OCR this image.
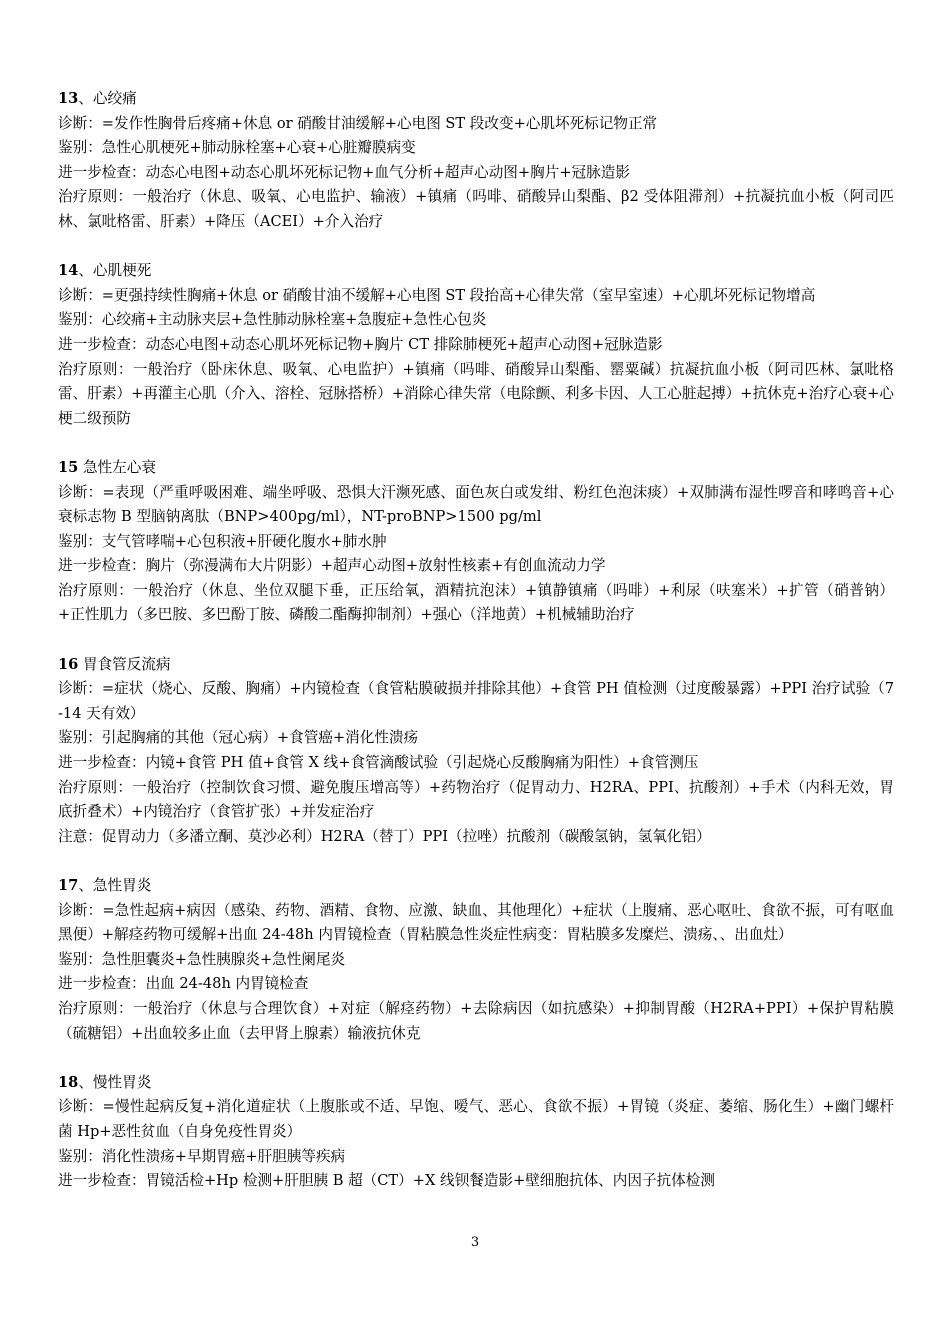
13、心绞痛
诊断：=发作性胸骨后疼痛+休息 or 硝酸甘油缓解+心电图 ST 段改变+心肌坏死标记物正常
鉴别：急性心肌梗死+肺动脉栓塞+心衰+心脏瓣膜病变
进一步检查：动态心电图+动态心肌坏死标记物+血气分析+超声心动图+胸片+冠脉造影
治疗原则：一般治疗（休息、吸氧、心电监护、输液）+镇痛（吗啡、硝酸异山梨酯、β2 受体阻滞剂）+抗凝抗血小板（阿司匹林、氯吡格雷、肝素）+降压（ACEI）+介入治疗
14、心肌梗死
诊断：=更强持续性胸痛+休息 or 硝酸甘油不缓解+心电图 ST 段抬高+心律失常（室早室速）+心肌坏死标记物增高
鉴别：心绞痛+主动脉夹层+急性肺动脉栓塞+急腹症+急性心包炎
进一步检查：动态心电图+动态心肌坏死标记物+胸片 CT 排除肺梗死+超声心动图+冠脉造影
治疗原则：一般治疗（卧床休息、吸氧、心电监护）+镇痛（吗啡、硝酸异山梨酯、罂粟碱）抗凝抗血小板（阿司匹林、氯吡格雷、肝素）+再灌主心肌（介入、溶栓、冠脉搭桥）+消除心律失常（电除颤、利多卡因、人工心脏起搏）+抗休克+治疗心衰+心梗二级预防
15 急性左心衰
诊断：=表现（严重呼吸困难、端坐呼吸、恐惧大汗濒死感、面色灰白或发绀、粉红色泡沫痰）+双肺满布湿性啰音和哮鸣音+心衰标志物 B 型脑钠离肽（BNP>400pg/ml），NT-proBNP>1500 pg/ml
鉴别：支气管哮喘+心包积液+肝硬化腹水+肺水肿
进一步检查：胸片（弥漫满布大片阴影）+超声心动图+放射性核素+有创血流动力学
治疗原则：一般治疗（休息、坐位双腿下垂，正压给氧，酒精抗泡沫）+镇静镇痛（吗啡）+利尿（呋塞米）+扩管（硝普钠）+正性肌力（多巴胺、多巴酚丁胺、磷酸二酯酶抑制剂）+强心（洋地黄）+机械辅助治疗
16 胃食管反流病
诊断：=症状（烧心、反酸、胸痛）+内镜检查（食管粘膜破损并排除其他）+食管 PH 值检测（过度酸暴露）+PPI 治疗试验（7-14 天有效）
鉴别：引起胸痛的其他（冠心病）+食管癌+消化性溃疡
进一步检查：内镜+食管 PH 值+食管 X 线+食管滴酸试验（引起烧心反酸胸痛为阳性）+食管测压
治疗原则：一般治疗（控制饮食习惯、避免腹压增高等）+药物治疗（促胃动力、H2RA、PPI、抗酸剂）+手术（内科无效，胃底折叠术）+内镜治疗（食管扩张）+并发症治疗
注意：促胃动力（多潘立酮、莫沙必利）H2RA（替丁）PPI（拉唑）抗酸剂（碳酸氢钠，氢氧化铝）
17、急性胃炎
诊断：=急性起病+病因（感染、药物、酒精、食物、应激、缺血、其他理化）+症状（上腹痛、恶心呕吐、食欲不振，可有呕血黑便）+解痉药物可缓解+出血 24-48h 内胃镜检查（胃粘膜急性炎症性病变：胃粘膜多发糜烂、溃疡、、出血灶）
鉴别：急性胆囊炎+急性胰腺炎+急性阑尾炎
进一步检查：出血 24-48h 内胃镜检查
治疗原则：一般治疗（休息与合理饮食）+对症（解痉药物）+去除病因（如抗感染）+抑制胃酸（H2RA+PPI）+保护胃粘膜（硫糖铝）+出血较多止血（去甲肾上腺素）输液抗休克
18、慢性胃炎
诊断：=慢性起病反复+消化道症状（上腹胀或不适、早饱、嗳气、恶心、食欲不振）+胃镜（炎症、萎缩、肠化生）+幽门螺杆菌 Hp+恶性贫血（自身免疫性胃炎）
鉴别：消化性溃疡+早期胃癌+肝胆胰等疾病
进一步检查：胃镜活检+Hp 检测+肝胆胰 B 超（CT）+X 线钡餐造影+壁细胞抗体、内因子抗体检测
3
